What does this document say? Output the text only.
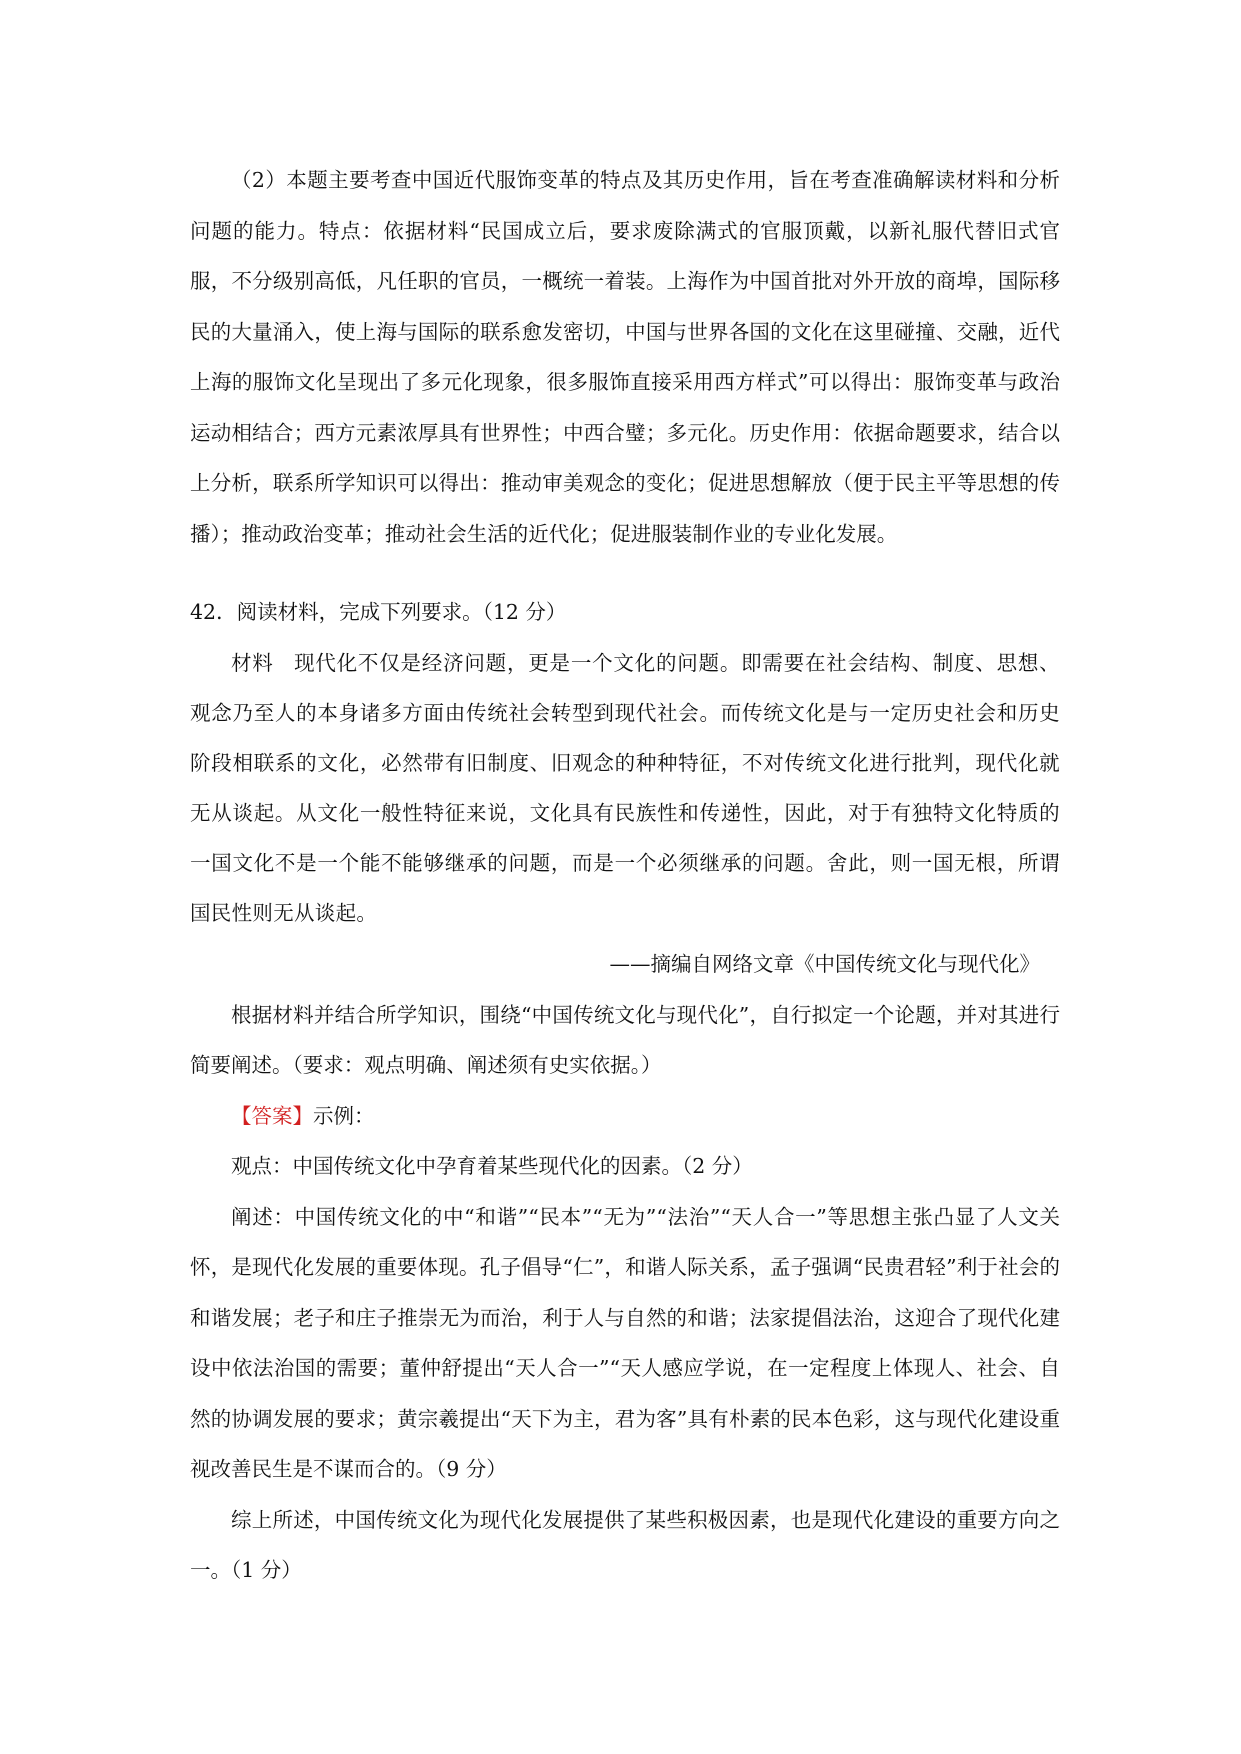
（2）本题主要考查中国近代服饰变革的特点及其历史作用，旨在考查准确解读材料和分析问题的能力。特点：依据材料“民国成立后，要求废除满式的官服顶戴，以新礼服代替旧式官服，不分级别高低，凡任职的官员，一概统一着装。上海作为中国首批对外开放的商埠，国际移民的大量涌入，使上海与国际的联系愈发密切，中国与世界各国的文化在这里碰撞、交融，近代上海的服饰文化呈现出了多元化现象，很多服饰直接采用西方样式”可以得出：服饰变革与政治运动相结合；西方元素浓厚具有世界性；中西合璧；多元化。历史作用：依据命题要求，结合以上分析，联系所学知识可以得出：推动审美观念的变化；促进思想解放（便于民主平等思想的传播）；推动政治变革；推动社会生活的近代化；促进服装制作业的专业化发展。

42．阅读材料，完成下列要求。（12 分）

材料 现代化不仅是经济问题，更是一个文化的问题。即需要在社会结构、制度、思想、观念乃至人的本身诸多方面由传统社会转型到现代社会。而传统文化是与一定历史社会和历史阶段相联系的文化，必然带有旧制度、旧观念的种种特征，不对传统文化进行批判，现代化就无从谈起。从文化一般性特征来说，文化具有民族性和传递性，因此，对于有独特文化特质的一国文化不是一个能不能够继承的问题，而是一个必须继承的问题。舍此，则一国无根，所谓国民性则无从谈起。

——摘编自网络文章《中国传统文化与现代化》

根据材料并结合所学知识，围绕“中国传统文化与现代化”，自行拟定一个论题，并对其进行简要阐述。（要求：观点明确、阐述须有史实依据。）

【答案】示例：

观点：中国传统文化中孕育着某些现代化的因素。（2 分）

阐述：中国传统文化的中“和谐”“民本”“无为”“法治”“天人合一”等思想主张凸显了人文关怀，是现代化发展的重要体现。孔子倡导“仁”，和谐人际关系，孟子强调“民贵君轻”利于社会的和谐发展；老子和庄子推崇无为而治，利于人与自然的和谐；法家提倡法治，这迎合了现代化建设中依法治国的需要；董仲舒提出“天人合一”“天人感应学说，在一定程度上体现人、社会、自然的协调发展的要求；黄宗羲提出“天下为主，君为客”具有朴素的民本色彩，这与现代化建设重视改善民生是不谋而合的。（9 分）

综上所述，中国传统文化为现代化发展提供了某些积极因素，也是现代化建设的重要方向之一。（1 分）
